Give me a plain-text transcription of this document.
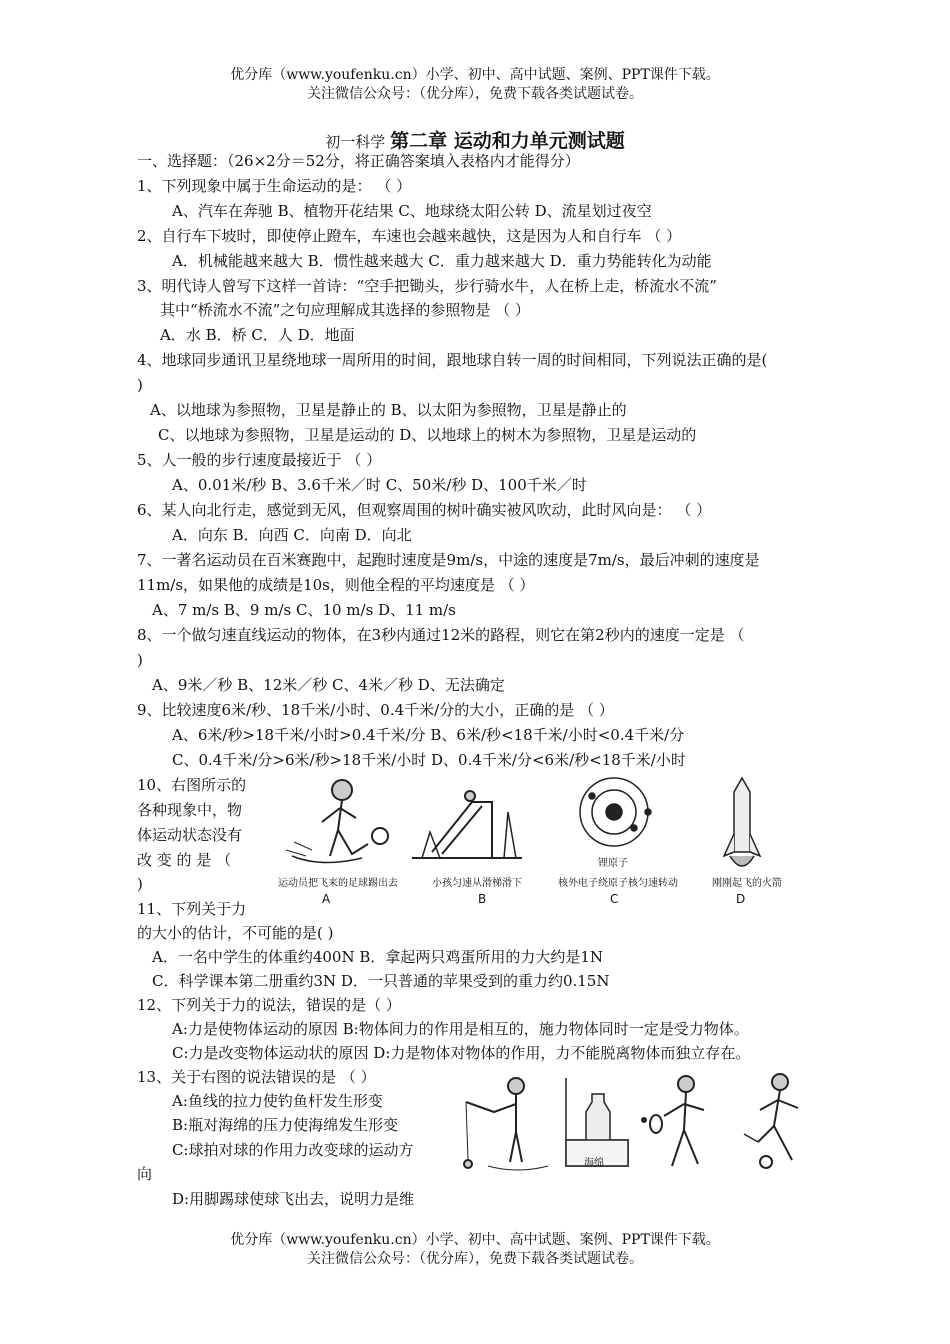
优分库（www.youfenku.cn）小学、初中、高中试题、案例、PPT课件下载。
关注微信公众号：（优分库），免费下载各类试题试卷。
初一科学 第二章 运动和力单元测试题
一、选择题：（26×2分＝52分，将正确答案填入表格内才能得分）
1、下列现象中属于生命运动的是： （ ）
A、汽车在奔驰 B、植物开花结果 C、地球绕太阳公转 D、流星划过夜空
2、自行车下坡时，即使停止蹬车，车速也会越来越快，这是因为人和自行车 （ ）
A．机械能越来越大 B．惯性越来越大 C．重力越来越大 D．重力势能转化为动能
3、明代诗人曾写下这样一首诗：“空手把锄头，步行骑水牛，人在桥上走，桥流水不流”
其中“桥流水不流”之句应理解成其选择的参照物是 （ ）
A．水 B．桥 C．人 D．地面
4、地球同步通讯卫星绕地球一周所用的时间，跟地球自转一周的时间相同，下列说法正确的是(
)
A、以地球为参照物，卫星是静止的 B、以太阳为参照物，卫星是静止的
C、以地球为参照物，卫星是运动的 D、以地球上的树木为参照物，卫星是运动的
5、人一般的步行速度最接近于 （ ）
A、0.01米/秒 B、3.6千米／时 C、50米/秒 D、100千米／时
6、某人向北行走，感觉到无风，但观察周围的树叶确实被风吹动，此时风向是： （ ）
A．向东 B．向西 C．向南 D．向北
7、一著名运动员在百米赛跑中，起跑时速度是9m/s，中途的速度是7m/s，最后冲刺的速度是
11m/s，如果他的成绩是10s，则他全程的平均速度是 （ ）
A、7 m/s B、9 m/s C、10 m/s D、11 m/s
8、一个做匀速直线运动的物体，在3秒内通过12米的路程，则它在第2秒内的速度一定是 （
)
A、9米／秒 B、12米／秒 C、4米／秒 D、无法确定
9、比较速度6米/秒、18千米/小时、0.4千米/分的大小，正确的是 （ ）
A、6米/秒>18千米/小时>0.4千米/分 B、6米/秒<18千米/小时<0.4千米/分
C、0.4千米/分>6米/秒>18千米/小时 D、0.4千米/分<6米/秒<18千米/小时
10、右图所示的
各种现象中，物
体运动状态没有
改 变 的 是 （
)
11、下列关于力
的大小的估计，不可能的是( )
A．一名中学生的体重约400N B．拿起两只鸡蛋所用的力大约是1N
C．科学课本第二册重约3N D．一只普通的苹果受到的重力约0.15N
12、下列关于力的说法，错误的是（ ）
A:力是使物体运动的原因 B:物体间力的作用是相互的，施力物体同时一定是受力物体。
C:力是改变物体运动状的原因 D:力是物体对物体的作用，力不能脱离物体而独立存在。
13、关于右图的说法错误的是 （ ）
A:鱼线的拉力使钓鱼杆发生形变
B:瓶对海绵的压力使海绵发生形变
C:球拍对球的作用力改变球的运动方
向
D:用脚踢球使球飞出去，说明力是维
锂原子
运动员把飞来的足球踢出去	小孩匀速从滑梯滑下	核外电子绕原子核匀速转动	刚刚起飞的火箭
A	B	C	D
海绵
优分库（www.youfenku.cn）小学、初中、高中试题、案例、PPT课件下载。
关注微信公众号：（优分库），免费下载各类试题试卷。
